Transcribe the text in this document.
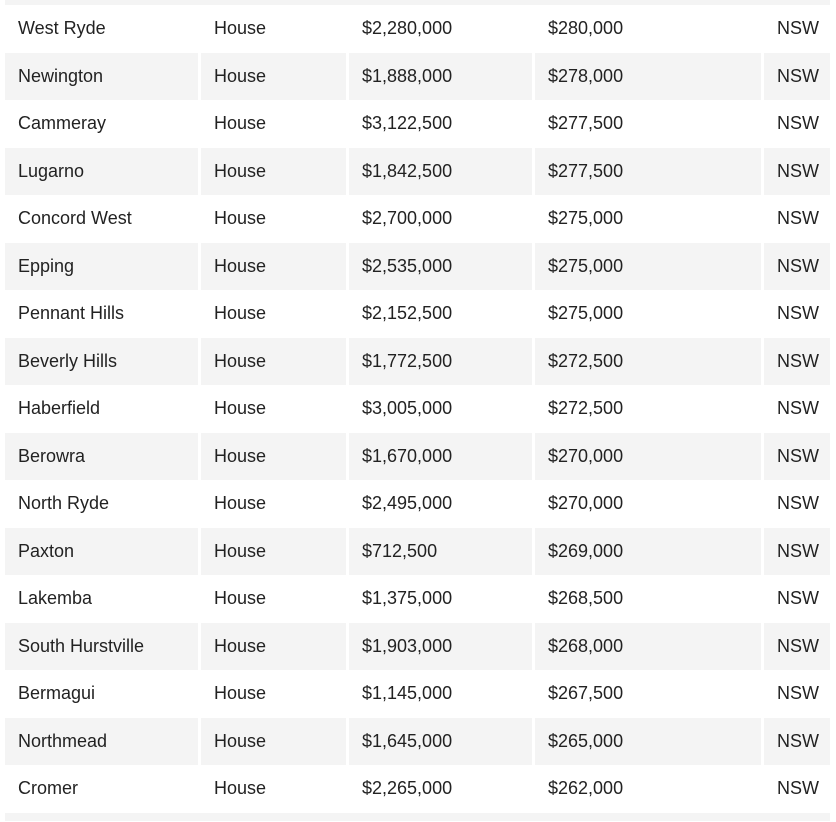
West Ryde	House	$2,280,000	$280,000	NSW
Newington	House	$1,888,000	$278,000	NSW
Cammeray	House	$3,122,500	$277,500	NSW
Lugarno	House	$1,842,500	$277,500	NSW
Concord West	House	$2,700,000	$275,000	NSW
Epping	House	$2,535,000	$275,000	NSW
Pennant Hills	House	$2,152,500	$275,000	NSW
Beverly Hills	House	$1,772,500	$272,500	NSW
Haberfield	House	$3,005,000	$272,500	NSW
Berowra	House	$1,670,000	$270,000	NSW
North Ryde	House	$2,495,000	$270,000	NSW
Paxton	House	$712,500	$269,000	NSW
Lakemba	House	$1,375,000	$268,500	NSW
South Hurstville	House	$1,903,000	$268,000	NSW
Bermagui	House	$1,145,000	$267,500	NSW
Northmead	House	$1,645,000	$265,000	NSW
Cromer	House	$2,265,000	$262,000	NSW
